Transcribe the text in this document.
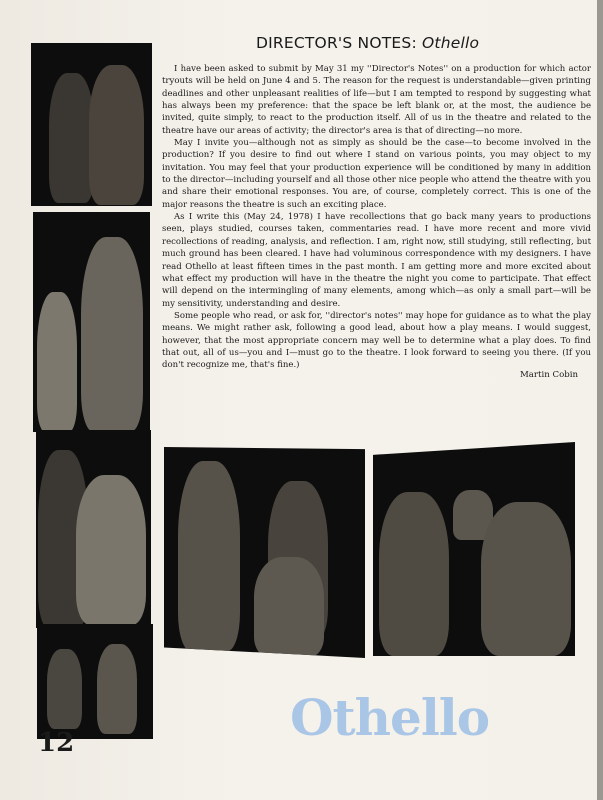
DIRECTOR'S NOTES: Othello

I have been asked to submit by May 31 my ''Director's Notes'' on a production for which actor tryouts will be held on June 4 and 5. The reason for the request is understandable—given printing deadlines and other unpleasant realities of life—but I am tempted to respond by suggesting what has always been my preference: that the space be left blank or, at the most, the audience be invited, quite simply, to react to the production itself. All of us in the theatre and related to the theatre have our areas of activity; the director's area is that of directing—no more.

May I invite you—although not as simply as should be the case—to become involved in the production? If you desire to find out where I stand on various points, you may object to my invitation. You may feel that your production experience will be conditioned by many in addition to the director—including yourself and all those other nice people who attend the theatre with you and share their emotional responses. You are, of course, completely correct. This is one of the major reasons the theatre is such an exciting place.

As I write this (May 24, 1978) I have recollections that go back many years to productions seen, plays studied, courses taken, commentaries read. I have more recent and more vivid recollections of reading, analysis, and reflection. I am, right now, still studying, still reflecting, but much ground has been cleared. I have had voluminous correspondence with my designers. I have read Othello at least fifteen times in the past month. I am getting more and more excited about what effect my production will have in the theatre the night you come to participate. That effect will depend on the intermingling of many elements, among which—as only a small part—will be my sensitivity, understanding and desire.

Some people who read, or ask for, ''director's notes'' may hope for guidance as to what the play means. We might rather ask, following a good lead, about how a play means. I would suggest, however, that the most appropriate concern may well be to determine what a play does. To find that out, all of us—you and I—must go to the theatre. I look forward to seeing you there. (If you don't recognize me, that's fine.)

Martin Cobin
Othello
12
